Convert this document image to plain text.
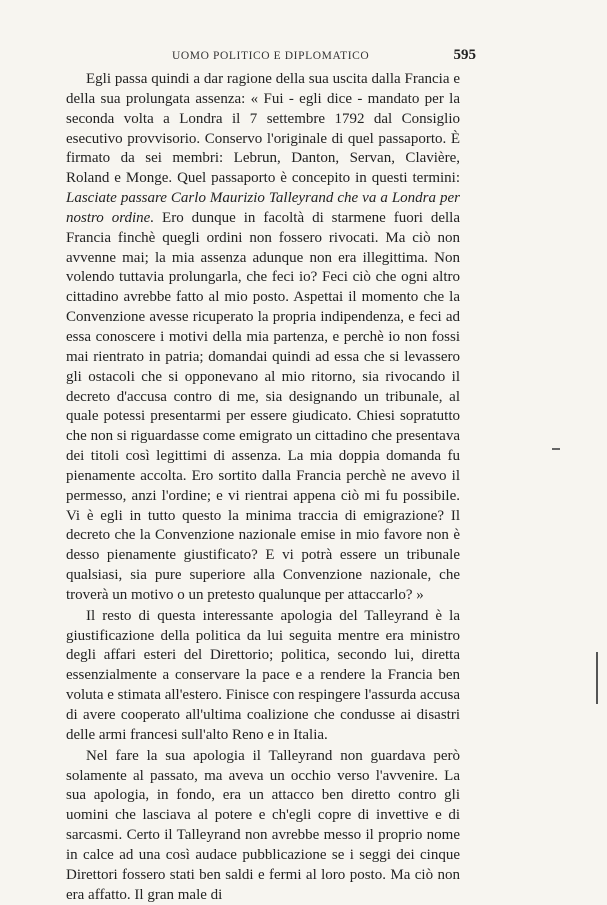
UOMO POLITICO E DIPLOMATICO	595

Egli passa quindi a dar ragione della sua uscita dalla Francia e della sua prolungata assenza: « Fui - egli dice - mandato per la seconda volta a Londra il 7 settembre 1792 dal Consiglio esecutivo provvisorio. Conservo l'originale di quel passaporto. È firmato da sei membri: Lebrun, Danton, Servan, Clavière, Roland e Monge. Quel passaporto è concepito in questi termini: Lasciate passare Carlo Maurizio Talleyrand che va a Londra per nostro ordine. Ero dunque in facoltà di starmene fuori della Francia finchè quegli ordini non fossero rivocati. Ma ciò non avvenne mai; la mia assenza adunque non era illegittima. Non volendo tuttavia prolungarla, che feci io? Feci ciò che ogni altro cittadino avrebbe fatto al mio posto. Aspettai il momento che la Convenzione avesse ricuperato la propria indipendenza, e feci ad essa conoscere i motivi della mia partenza, e perchè io non fossi mai rientrato in patria; domandai quindi ad essa che si levassero gli ostacoli che si opponevano al mio ritorno, sia rivocando il decreto d'accusa contro di me, sia designando un tribunale, al quale potessi presentarmi per essere giudicato. Chiesi sopratutto che non si riguardasse come emigrato un cittadino che presentava dei titoli così legittimi di assenza. La mia doppia domanda fu pienamente accolta. Ero sortito dalla Francia perchè ne avevo il permesso, anzi l'ordine; e vi rientrai appena ciò mi fu possibile. Vi è egli in tutto questo la minima traccia di emigrazione? Il decreto che la Convenzione nazionale emise in mio favore non è desso pienamente giustificato? E vi potrà essere un tribunale qualsiasi, sia pure superiore alla Convenzione nazionale, che troverà un motivo o un pretesto qualunque per attaccarlo? »

Il resto di questa interessante apologia del Talleyrand è la giustificazione della politica da lui seguita mentre era ministro degli affari esteri del Direttorio; politica, secondo lui, diretta essenzialmente a conservare la pace e a rendere la Francia ben voluta e stimata all'estero. Finisce con respingere l'assurda accusa di avere cooperato all'ultima coalizione che condusse ai disastri delle armi francesi sull'alto Reno e in Italia.

Nel fare la sua apologia il Talleyrand non guardava però solamente al passato, ma aveva un occhio verso l'avvenire. La sua apologia, in fondo, era un attacco ben diretto contro gli uomini che lasciava al potere e ch'egli copre di invettive e di sarcasmi. Certo il Talleyrand non avrebbe messo il proprio nome in calce ad una così audace pubblicazione se i seggi dei cinque Direttori fossero stati ben saldi e fermi al loro posto. Ma ciò non era affatto. Il gran male di
